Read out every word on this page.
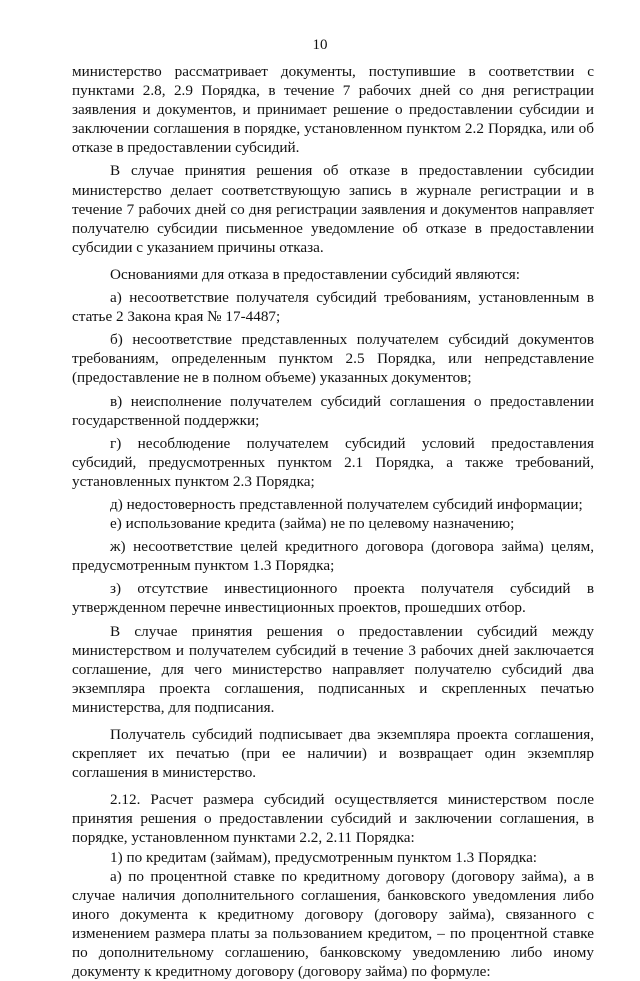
10

министерство рассматривает документы, поступившие в соответствии с пунктами 2.8, 2.9 Порядка, в течение 7 рабочих дней со дня регистрации заявления и документов, и принимает решение о предоставлении субсидии и заключении соглашения в порядке, установленном пунктом 2.2 Порядка, или об отказе в предоставлении субсидий.

В случае принятия решения об отказе в предоставлении субсидии министерство делает соответствующую запись в журнале регистрации и в течение 7 рабочих дней со дня регистрации заявления и документов направляет получателю субсидии письменное уведомление об отказе в предоставлении субсидии с указанием причины отказа.

Основаниями для отказа в предоставлении субсидий являются:

а) несоответствие получателя субсидий требованиям, установленным в статье 2 Закона края № 17-4487;

б) несоответствие представленных получателем субсидий документов требованиям, определенным пунктом 2.5 Порядка, или непредставление (предоставление не в полном объеме) указанных документов;

в) неисполнение получателем субсидий соглашения о предоставлении государственной поддержки;

г) несоблюдение получателем субсидий условий предоставления субсидий, предусмотренных пунктом 2.1 Порядка, а также требований, установленных пунктом 2.3 Порядка;

д) недостоверность представленной получателем субсидий информации;

е) использование кредита (займа) не по целевому назначению;

ж) несоответствие целей кредитного договора (договора займа) целям, предусмотренным пунктом 1.3 Порядка;

з) отсутствие инвестиционного проекта получателя субсидий в утвержденном перечне инвестиционных проектов, прошедших отбор.

В случае принятия решения о предоставлении субсидий между министерством и получателем субсидий в течение 3 рабочих дней заключается соглашение, для чего министерство направляет получателю субсидий два экземпляра проекта соглашения, подписанных и скрепленных печатью министерства, для подписания.

Получатель субсидий подписывает два экземпляра проекта соглашения, скрепляет их печатью (при ее наличии) и возвращает один экземпляр соглашения в министерство.

2.12. Расчет размера субсидий осуществляется министерством после принятия решения о предоставлении субсидий и заключении соглашения, в порядке, установленном пунктами 2.2, 2.11 Порядка:

1) по кредитам (займам), предусмотренным пунктом 1.3 Порядка:

а) по процентной ставке по кредитному договору (договору займа), а в случае наличия дополнительного соглашения, банковского уведомления либо иного документа к кредитному договору (договору займа), связанного с изменением размера платы за пользованием кредитом, – по процентной ставке по дополнительному соглашению, банковскому уведомлению либо иному документу к кредитному договору (договору займа) по формуле:
